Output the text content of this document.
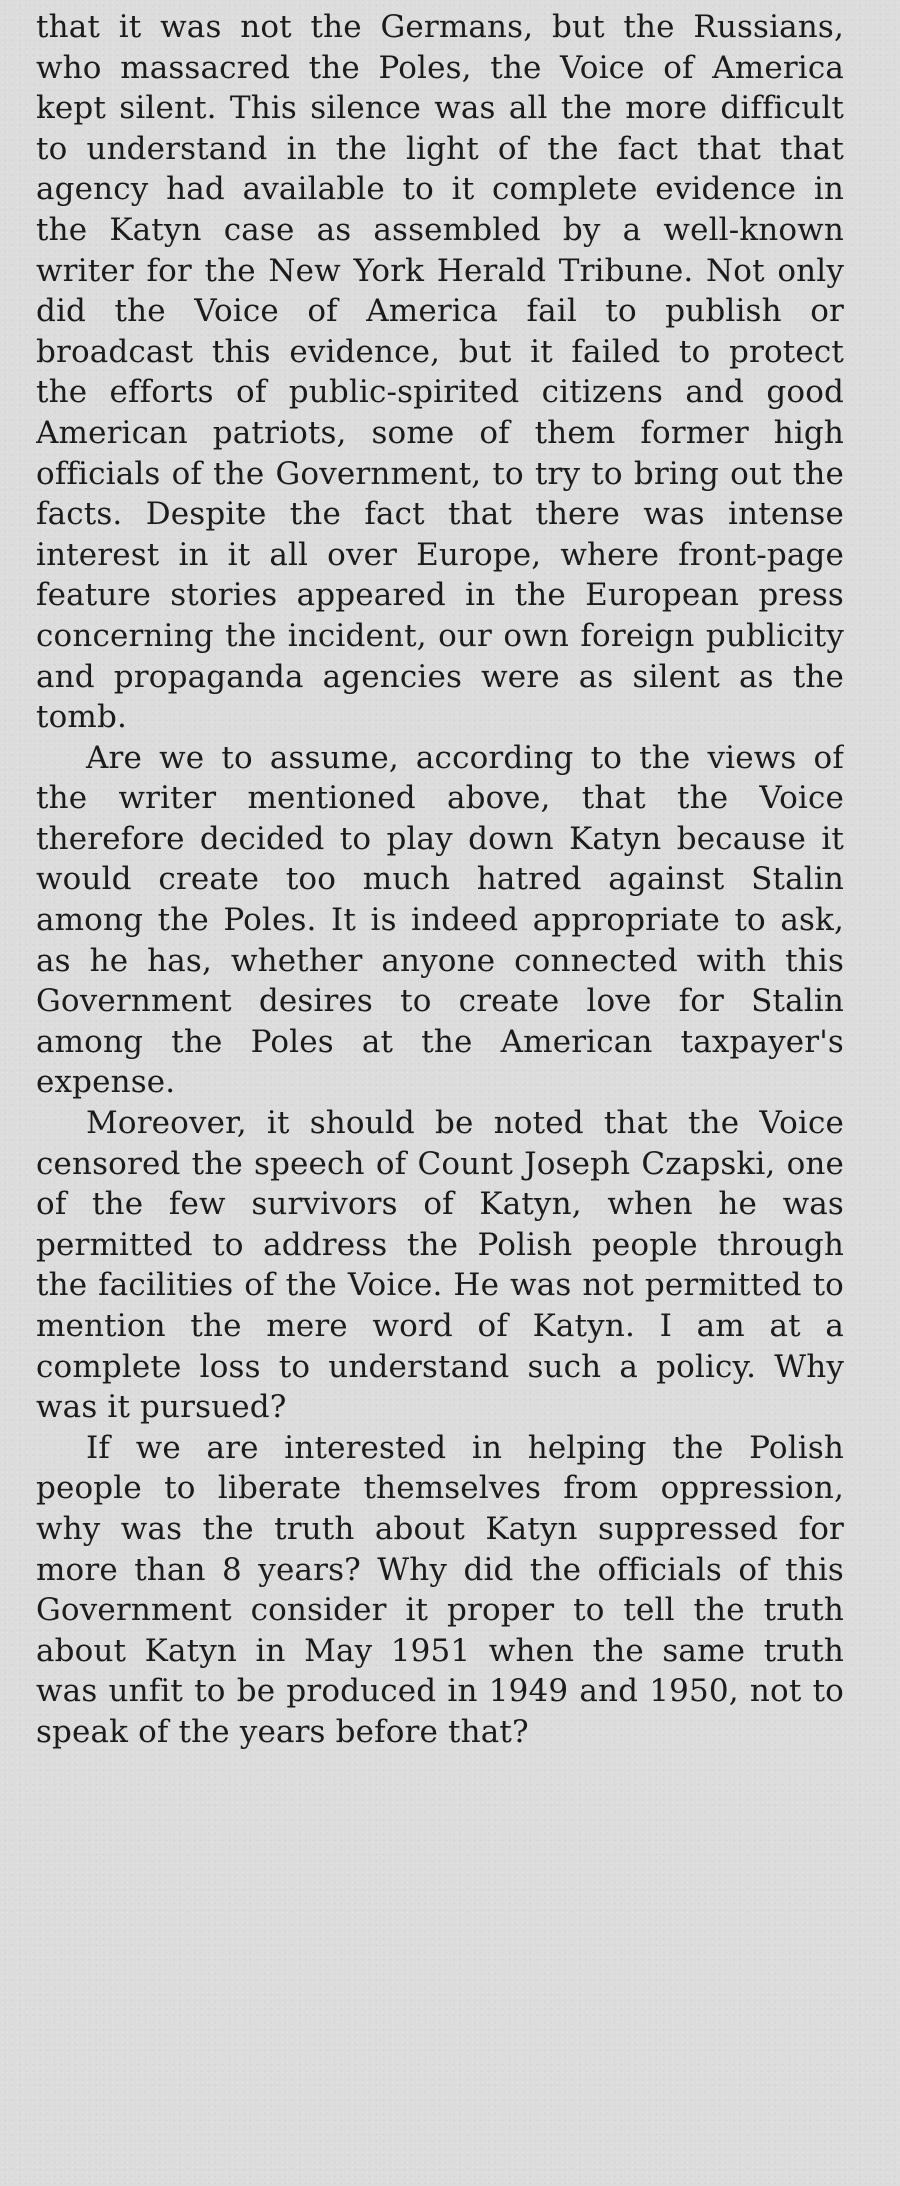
that it was not the Germans, but the Russians, who massacred the Poles, the Voice of America kept silent. This silence was all the more difficult to understand in the light of the fact that that agency had available to it complete evidence in the Katyn case as assembled by a well-known writer for the New York Herald Tribune. Not only did the Voice of America fail to publish or broadcast this evidence, but it failed to protect the efforts of public-spirited citizens and good American patriots, some of them former high officials of the Government, to try to bring out the facts. Despite the fact that there was intense interest in it all over Europe, where front-page feature stories appeared in the European press concerning the incident, our own foreign publicity and propaganda agencies were as silent as the tomb.

Are we to assume, according to the views of the writer mentioned above, that the Voice therefore decided to play down Katyn because it would create too much hatred against Stalin among the Poles. It is indeed appropriate to ask, as he has, whether anyone connected with this Government desires to create love for Stalin among the Poles at the American taxpayer's expense.

Moreover, it should be noted that the Voice censored the speech of Count Joseph Czapski, one of the few survivors of Katyn, when he was permitted to address the Polish people through the facilities of the Voice. He was not permitted to mention the mere word of Katyn. I am at a complete loss to understand such a policy. Why was it pursued?

If we are interested in helping the Polish people to liberate themselves from oppression, why was the truth about Katyn suppressed for more than 8 years? Why did the officials of this Government consider it proper to tell the truth about Katyn in May 1951 when the same truth was unfit to be produced in 1949 and 1950, not to speak of the years before that?
